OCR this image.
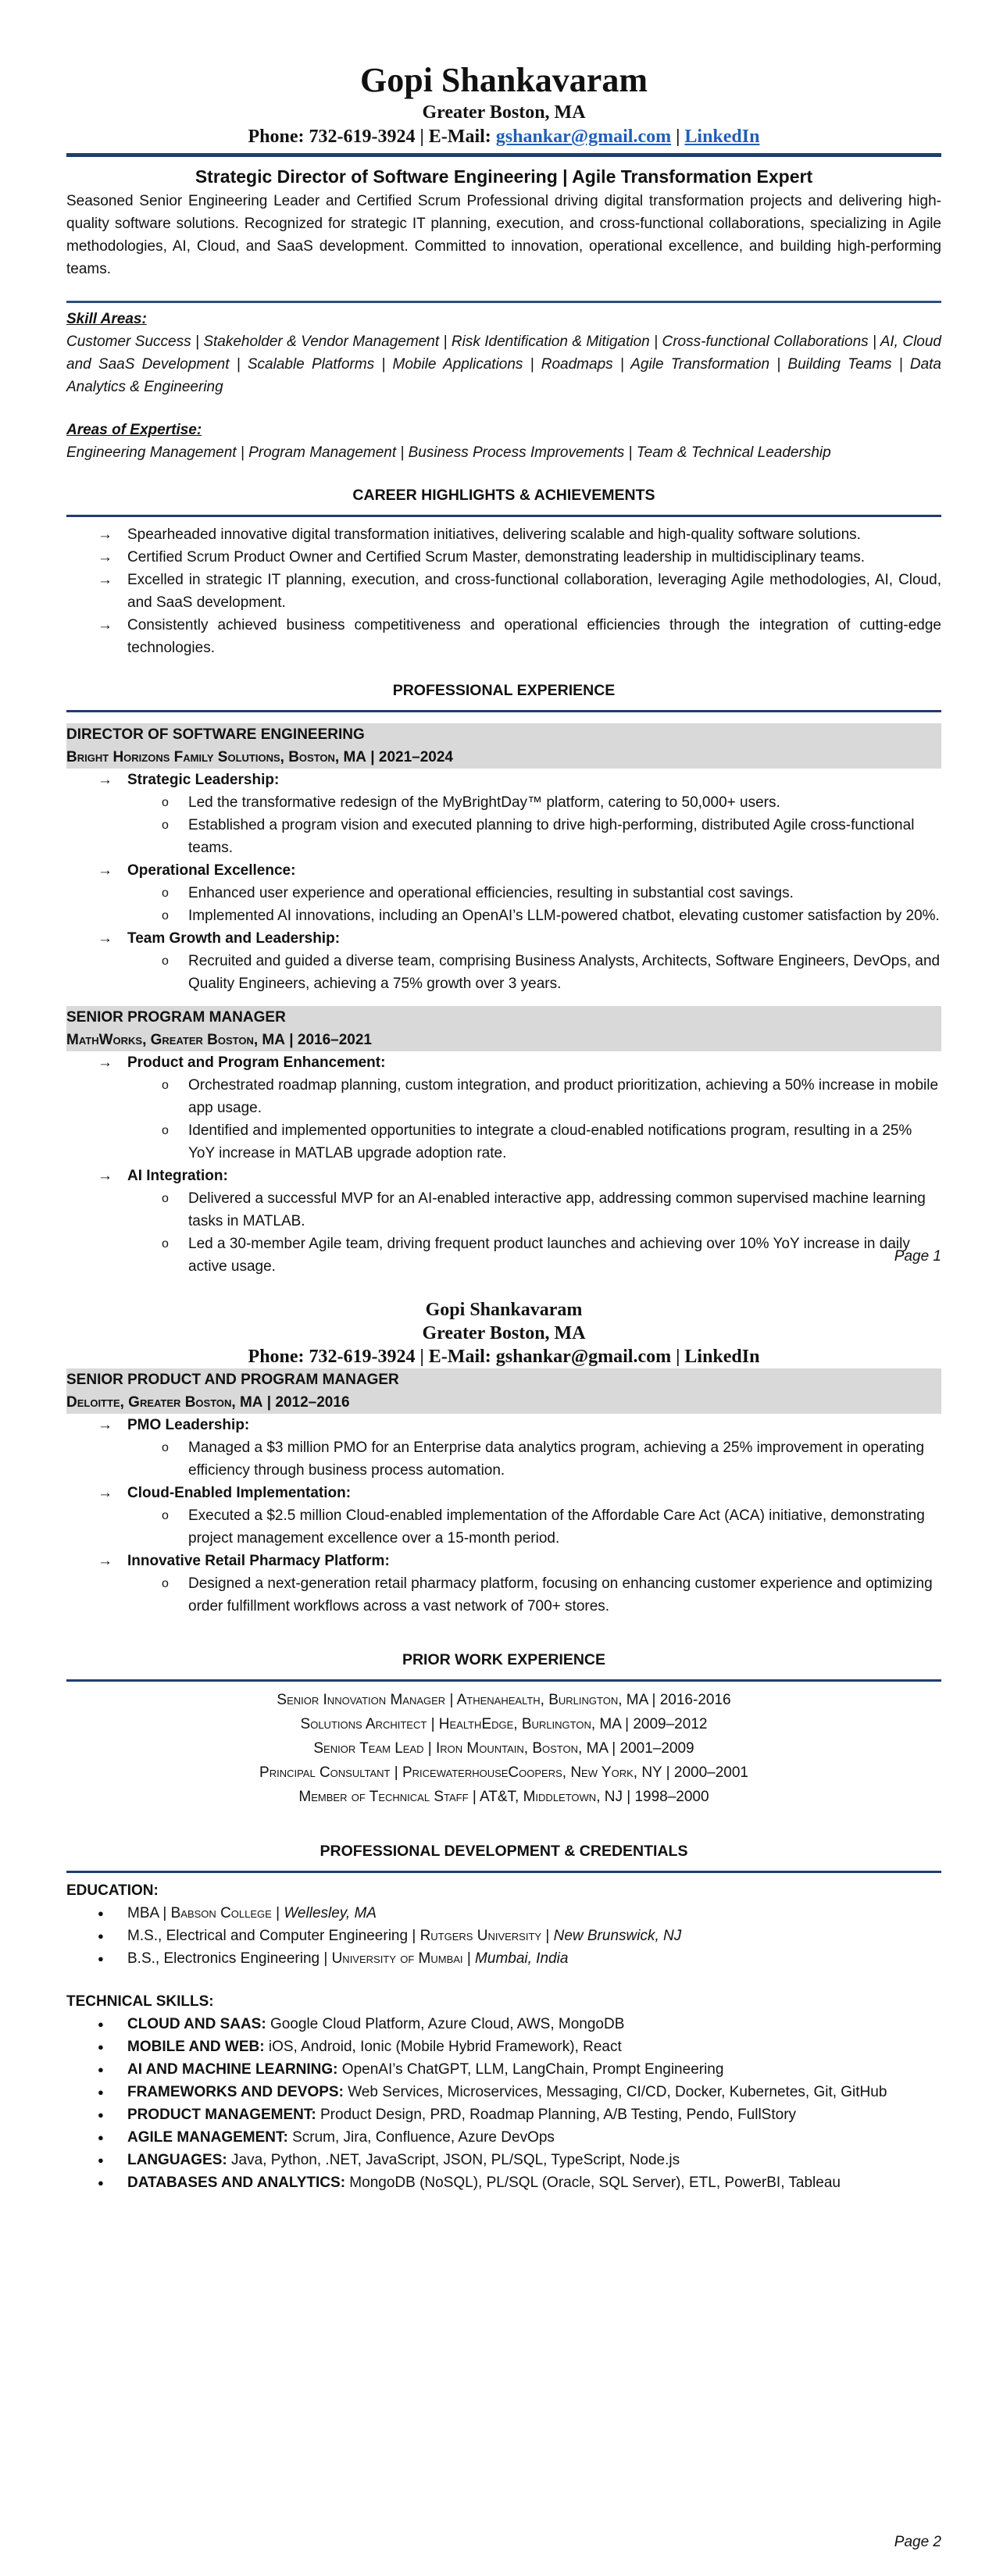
Gopi Shankavaram
Greater Boston, MA
Phone: 732-619-3924 | E-Mail: gshankar@gmail.com | LinkedIn
Strategic Director of Software Engineering | Agile Transformation Expert

Seasoned Senior Engineering Leader and Certified Scrum Professional driving digital transformation projects and delivering high-quality software solutions. Recognized for strategic IT planning, execution, and cross-functional collaborations, specializing in Agile methodologies, AI, Cloud, and SaaS development. Committed to innovation, operational excellence, and building high-performing teams.

Skill Areas:
Customer Success | Stakeholder & Vendor Management | Risk Identification & Mitigation | Cross-functional Collaborations | AI, Cloud and SaaS Development | Scalable Platforms | Mobile Applications | Roadmaps | Agile Transformation | Building Teams | Data Analytics & Engineering
Areas of Expertise:
Engineering Management | Program Management | Business Process Improvements | Team & Technical Leadership
CAREER HIGHLIGHTS & ACHIEVEMENTS
→ Spearheaded innovative digital transformation initiatives, delivering scalable and high-quality software solutions.
→ Certified Scrum Product Owner and Certified Scrum Master, demonstrating leadership in multidisciplinary teams.
→ Excelled in strategic IT planning, execution, and cross-functional collaboration, leveraging Agile methodologies, AI, Cloud, and SaaS development.
→ Consistently achieved business competitiveness and operational efficiencies through the integration of cutting-edge technologies.
PROFESSIONAL EXPERIENCE
DIRECTOR OF SOFTWARE ENGINEERING
Bright Horizons Family Solutions, Boston, MA | 2021–2024
→ Strategic Leadership:
o Led the transformative redesign of the MyBrightDay™ platform, catering to 50,000+ users.
o Established a program vision and executed planning to drive high-performing, distributed Agile cross-functional teams.
→ Operational Excellence:
o Enhanced user experience and operational efficiencies, resulting in substantial cost savings.
o Implemented AI innovations, including an OpenAI’s LLM-powered chatbot, elevating customer satisfaction by 20%.
→ Team Growth and Leadership:
o Recruited and guided a diverse team, comprising Business Analysts, Architects, Software Engineers, DevOps, and Quality Engineers, achieving a 75% growth over 3 years.
SENIOR PROGRAM MANAGER
MathWorks, Greater Boston, MA | 2016–2021
→ Product and Program Enhancement:
o Orchestrated roadmap planning, custom integration, and product prioritization, achieving a 50% increase in mobile app usage.
o Identified and implemented opportunities to integrate a cloud-enabled notifications program, resulting in a 25% YoY increase in MATLAB upgrade adoption rate.
→ AI Integration:
o Delivered a successful MVP for an AI-enabled interactive app, addressing common supervised machine learning tasks in MATLAB.
o Led a 30-member Agile team, driving frequent product launches and achieving over 10% YoY increase in daily active usage.
Page 1
Gopi Shankavaram
Greater Boston, MA
Phone: 732-619-3924 | E-Mail: gshankar@gmail.com | LinkedIn
SENIOR PRODUCT AND PROGRAM MANAGER
Deloitte, Greater Boston, MA | 2012–2016
→ PMO Leadership:
o Managed a $3 million PMO for an Enterprise data analytics program, achieving a 25% improvement in operating efficiency through business process automation.
→ Cloud-Enabled Implementation:
o Executed a $2.5 million Cloud-enabled implementation of the Affordable Care Act (ACA) initiative, demonstrating project management excellence over a 15-month period.
→ Innovative Retail Pharmacy Platform:
o Designed a next-generation retail pharmacy platform, focusing on enhancing customer experience and optimizing order fulfillment workflows across a vast network of 700+ stores.
PRIOR WORK EXPERIENCE
Senior Innovation Manager | Athenahealth, Burlington, MA | 2016-2016
Solutions Architect | HealthEdge, Burlington, MA | 2009–2012
Senior Team Lead | Iron Mountain, Boston, MA | 2001–2009
Principal Consultant | PricewaterhouseCoopers, New York, NY | 2000–2001
Member of Technical Staff | AT&T, Middletown, NJ | 1998–2000
PROFESSIONAL DEVELOPMENT & CREDENTIALS
EDUCATION:
● MBA | Babson College | Wellesley, MA
● M.S., Electrical and Computer Engineering | Rutgers University | New Brunswick, NJ
● B.S., Electronics Engineering | University of Mumbai | Mumbai, India
TECHNICAL SKILLS:
● CLOUD AND SAAS: Google Cloud Platform, Azure Cloud, AWS, MongoDB
● MOBILE AND WEB: iOS, Android, Ionic (Mobile Hybrid Framework), React
● AI AND MACHINE LEARNING: OpenAI’s ChatGPT, LLM, LangChain, Prompt Engineering
● FRAMEWORKS AND DEVOPS: Web Services, Microservices, Messaging, CI/CD, Docker, Kubernetes, Git, GitHub
● PRODUCT MANAGEMENT: Product Design, PRD, Roadmap Planning, A/B Testing, Pendo, FullStory
● AGILE MANAGEMENT: Scrum, Jira, Confluence, Azure DevOps
● LANGUAGES: Java, Python, .NET, JavaScript, JSON, PL/SQL, TypeScript, Node.js
● DATABASES AND ANALYTICS: MongoDB (NoSQL), PL/SQL (Oracle, SQL Server), ETL, PowerBI, Tableau
Page 2
